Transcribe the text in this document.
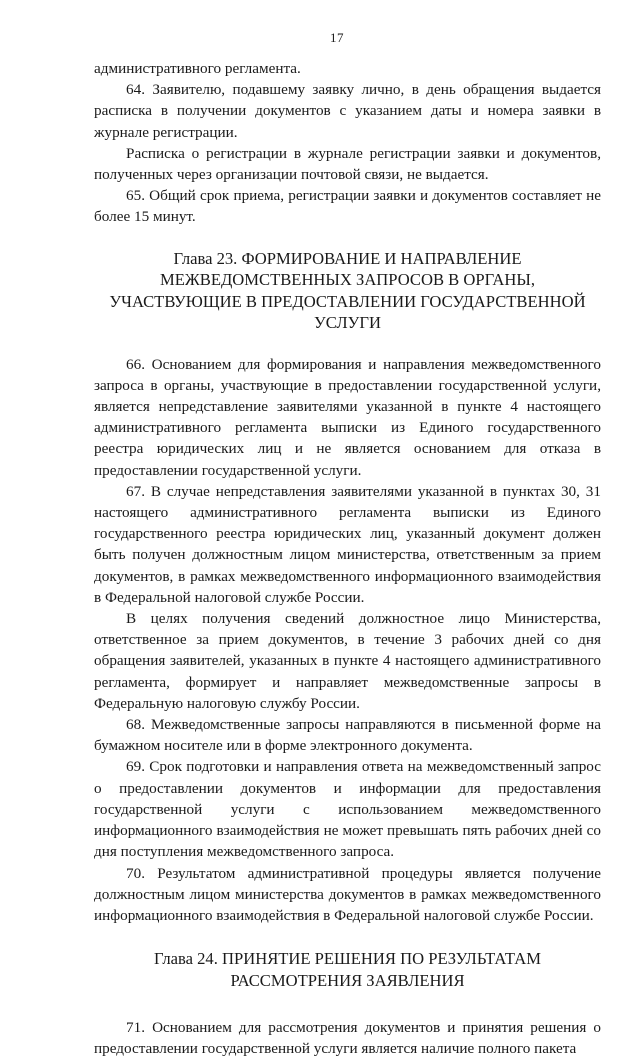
17

административного регламента.

64. Заявителю, подавшему заявку лично, в день обращения выдается расписка в получении документов с указанием даты и номера заявки в журнале регистрации.

Расписка о регистрации в журнале регистрации заявки и документов, полученных через организации почтовой связи, не выдается.

65. Общий срок приема, регистрации заявки и документов составляет не более 15 минут.

Глава 23. ФОРМИРОВАНИЕ И НАПРАВЛЕНИЕ МЕЖВЕДОМСТВЕННЫХ ЗАПРОСОВ В ОРГАНЫ, УЧАСТВУЮЩИЕ В ПРЕДОСТАВЛЕНИИ ГОСУДАРСТВЕННОЙ УСЛУГИ

66. Основанием для формирования и направления межведомственного запроса в органы, участвующие в предоставлении государственной услуги, является непредставление заявителями указанной в пункте 4 настоящего административного регламента выписки из Единого государственного реестра юридических лиц и не является основанием для отказа в предоставлении государственной услуги.

67. В случае непредставления заявителями указанной в пунктах 30, 31 настоящего административного регламента выписки из Единого государственного реестра юридических лиц, указанный документ должен быть получен должностным лицом министерства, ответственным за прием документов, в рамках межведомственного информационного взаимодействия в Федеральной налоговой службе России.

В целях получения сведений должностное лицо Министерства, ответственное за прием документов, в течение 3 рабочих дней со дня обращения заявителей, указанных в пункте 4 настоящего административного регламента, формирует и направляет межведомственные запросы в Федеральную налоговую службу России.

68. Межведомственные запросы направляются в письменной форме на бумажном носителе или в форме электронного документа.

69. Срок подготовки и направления ответа на межведомственный запрос о предоставлении документов и информации для предоставления государственной услуги с использованием межведомственного информационного взаимодействия не может превышать пять рабочих дней со дня поступления межведомственного запроса.

70. Результатом административной процедуры является получение должностным лицом министерства документов в рамках межведомственного информационного взаимодействия в Федеральной налоговой службе России.

Глава 24. ПРИНЯТИЕ РЕШЕНИЯ ПО РЕЗУЛЬТАТАМ РАССМОТРЕНИЯ ЗАЯВЛЕНИЯ

71. Основанием для рассмотрения документов и принятия решения о предоставлении государственной услуги является наличие полного пакета
